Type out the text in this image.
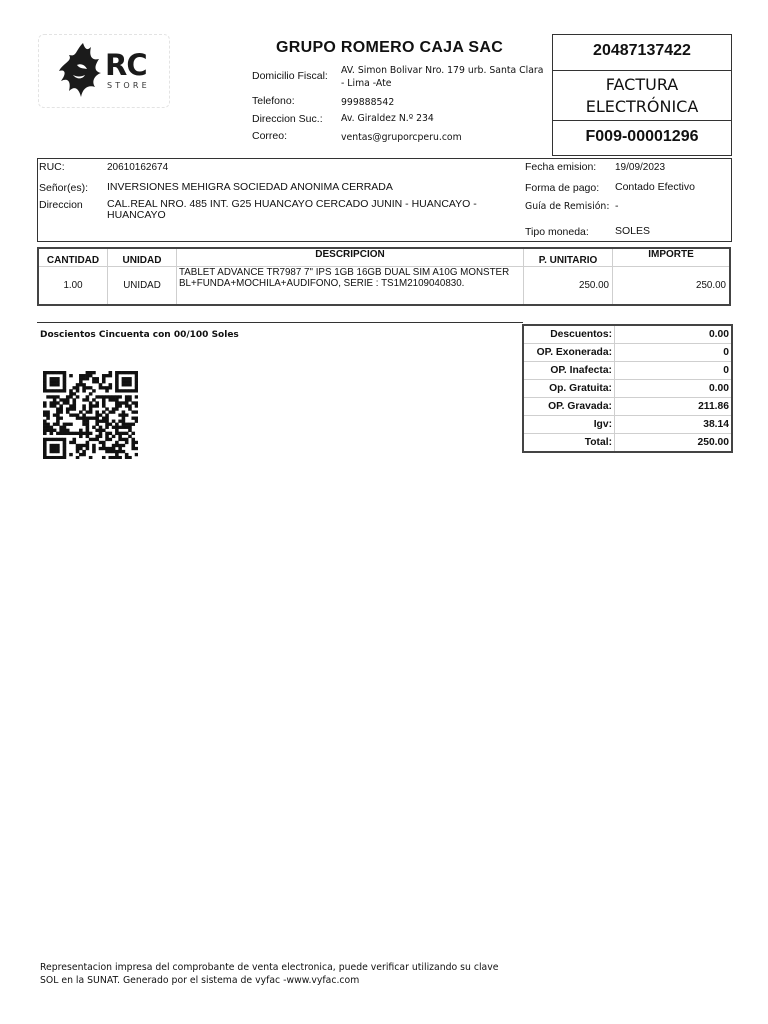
RC
STORE
GRUPO ROMERO CAJA SAC
Domicilio Fiscal: AV. Simon Bolivar Nro. 179 urb. Santa Clara - Lima -Ate
Telefono:	999888542
Direccion Suc.: Av. Giraldez N.º 234
Correo:	ventas@gruporcperu.com
20487137422
FACTURA
ELECTRÓNICA
F009-00001296
RUC:	20610162674
Señor(es): INVERSIONES MEHIGRA SOCIEDAD ANONIMA CERRADA
Direccion CAL.REAL NRO. 485 INT. G25 HUANCAYO CERCADO JUNIN - HUANCAYO - HUANCAYO
Fecha emision: 19/09/2023
Forma de pago: Contado Efectivo
Guía de Remisión: -
Tipo moneda: SOLES
CANTIDAD	UNIDAD	DESCRIPCION	P. UNITARIO	IMPORTE
1.00	UNIDAD	TABLET ADVANCE TR7987 7" IPS 1GB 16GB DUAL SIM A10G MONSTER BL+FUNDA+MOCHILA+AUDIFONO, SERIE : TS1M2109040830.	250.00	250.00
Doscientos Cincuenta con 00/100 Soles	Descuentos:	0.00
OP. Exonerada:	0
OP. Inafecta:	0
Op. Gratuita:	0.00
OP. Gravada:	211.86
Igv:	38.14
Total:	250.00
Representacion impresa del comprobante de venta electronica, puede verificar utilizando su clave
SOL en la SUNAT. Generado por el sistema de vyfac -www.vyfac.com
